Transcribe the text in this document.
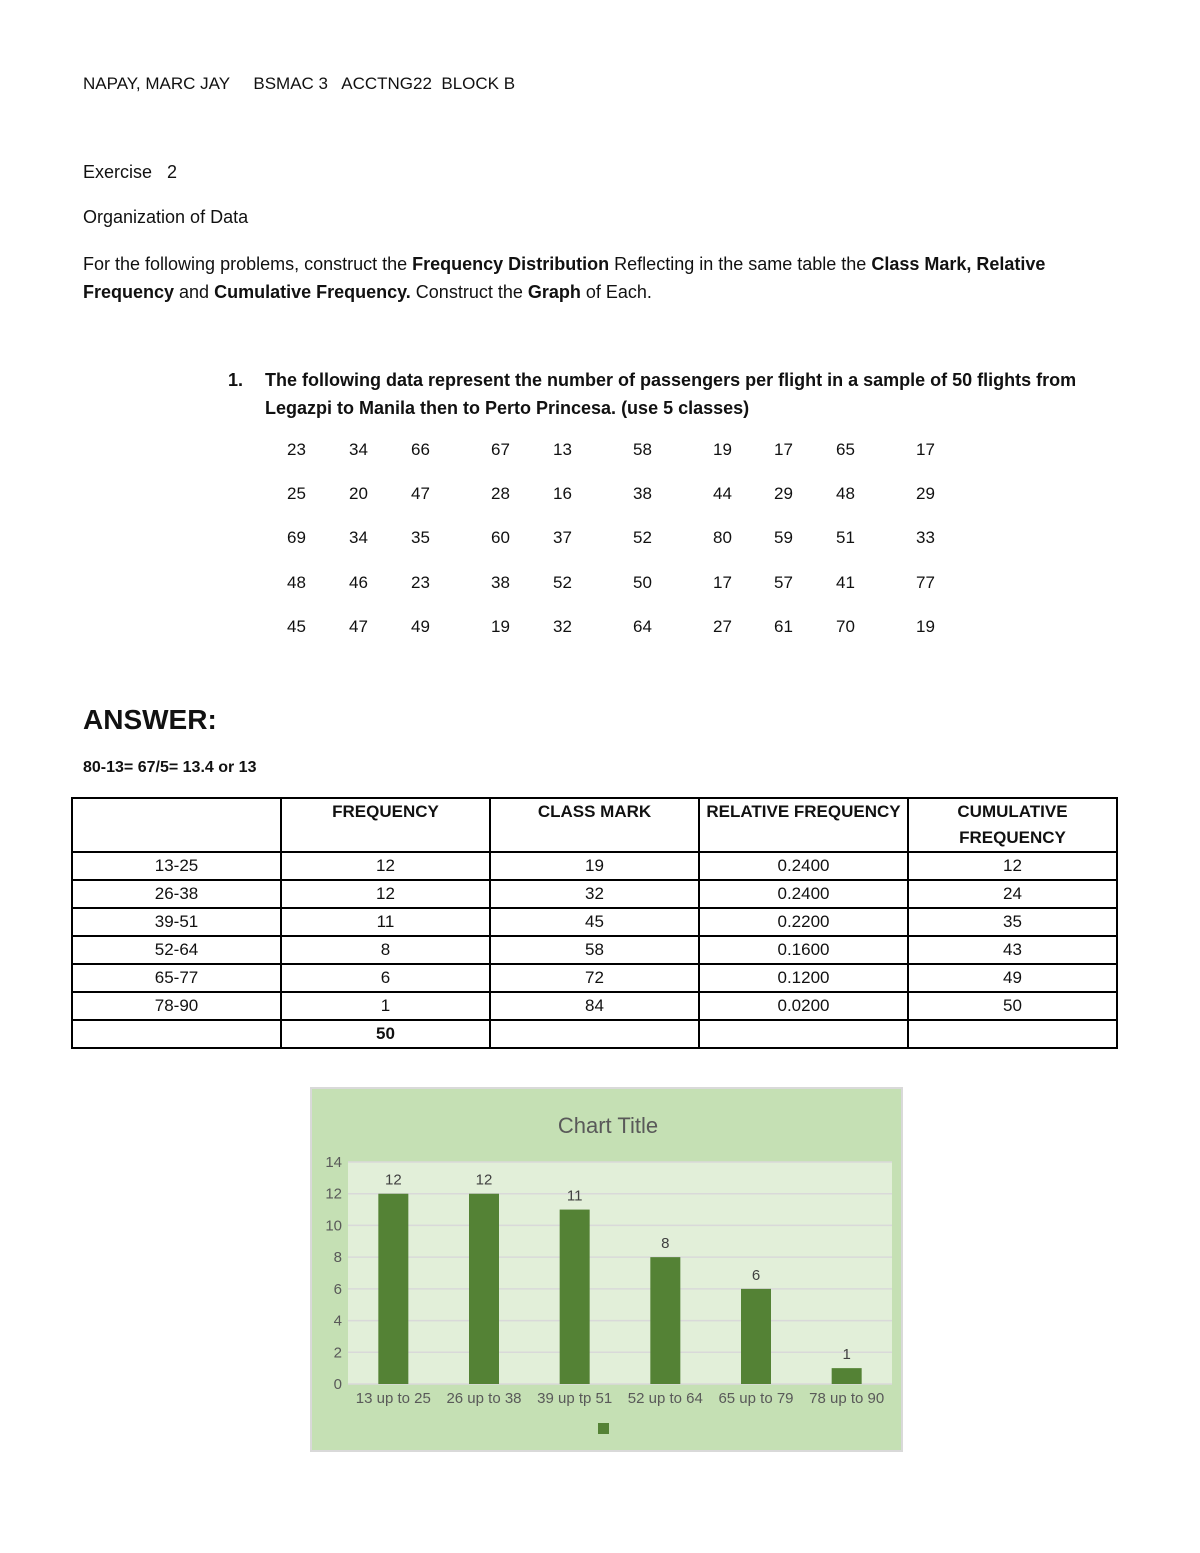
NAPAY, MARC JAY BSMAC 3 ACCTNG22 BLOCK B
Exercise   2
Organization of Data
For the following problems, construct the Frequency Distribution Reflecting in the same table the Class Mark, Relative Frequency and Cumulative Frequency. Construct the Graph of Each.
1. The following data represent the number of passengers per flight in a sample of 50 flights from Legazpi to Manila then to Perto Princesa. (use 5 classes)
23	34	66	67	13	58	19	17	65	17
25	20	47	28	16	38	44	29	48	29
69	34	35	60	37	52	80	59	51	33
48	46	23	38	52	50	17	57	41	77
45	47	49	19	32	64	27	61	70	19
ANSWER:
80-13= 67/5= 13.4 or 13
	FREQUENCY	CLASS MARK	RELATIVE FREQUENCY	CUMULATIVE FREQUENCY
13-25	12	19	0.2400	12
26-38	12	32	0.2400	24
39-51	11	45	0.2200	35
52-64	8	58	0.1600	43
65-77	6	72	0.1200	49
78-90	1	84	0.0200	50
	50			
Chart Title
0
2
4
6
8
10
12
14
12
13 up to 25
12
26 up to 38
11
39 up tp 51
8
52 up to 64
6
65 up to 79
1
78 up to 90
